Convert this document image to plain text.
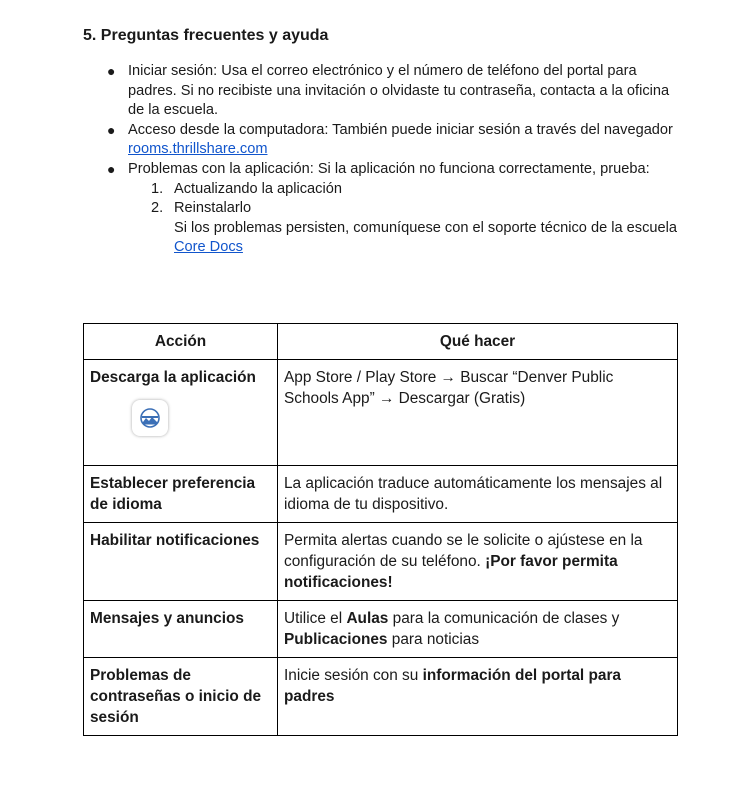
5. Preguntas frecuentes y ayuda
● Iniciar sesión: Usa el correo electrónico y el número de teléfono del portal para padres. Si no recibiste una invitación o olvidaste tu contraseña, contacta a la oficina de la escuela.
● Acceso desde la computadora: También puede iniciar sesión a través del navegador rooms.thrillshare.com
● Problemas con la aplicación: Si la aplicación no funciona correctamente, prueba:
1. Actualizando la aplicación
2. Reinstalarlo
Si los problemas persisten, comuníquese con el soporte técnico de la escuela Core Docs
Acción	Qué hacer
Descarga la aplicación	App Store / Play Store → Buscar “Denver Public Schools App” → Descargar (Gratis)
Establecer preferencia de idioma	La aplicación traduce automáticamente los mensajes al idioma de tu dispositivo.
Habilitar notificaciones	Permita alertas cuando se le solicite o ajústese en la configuración de su teléfono. ¡Por favor permita notificaciones!
Mensajes y anuncios	Utilice el Aulas para la comunicación de clases y Publicaciones para noticias
Problemas de contraseñas o inicio de sesión	Inicie sesión con su información del portal para padres
